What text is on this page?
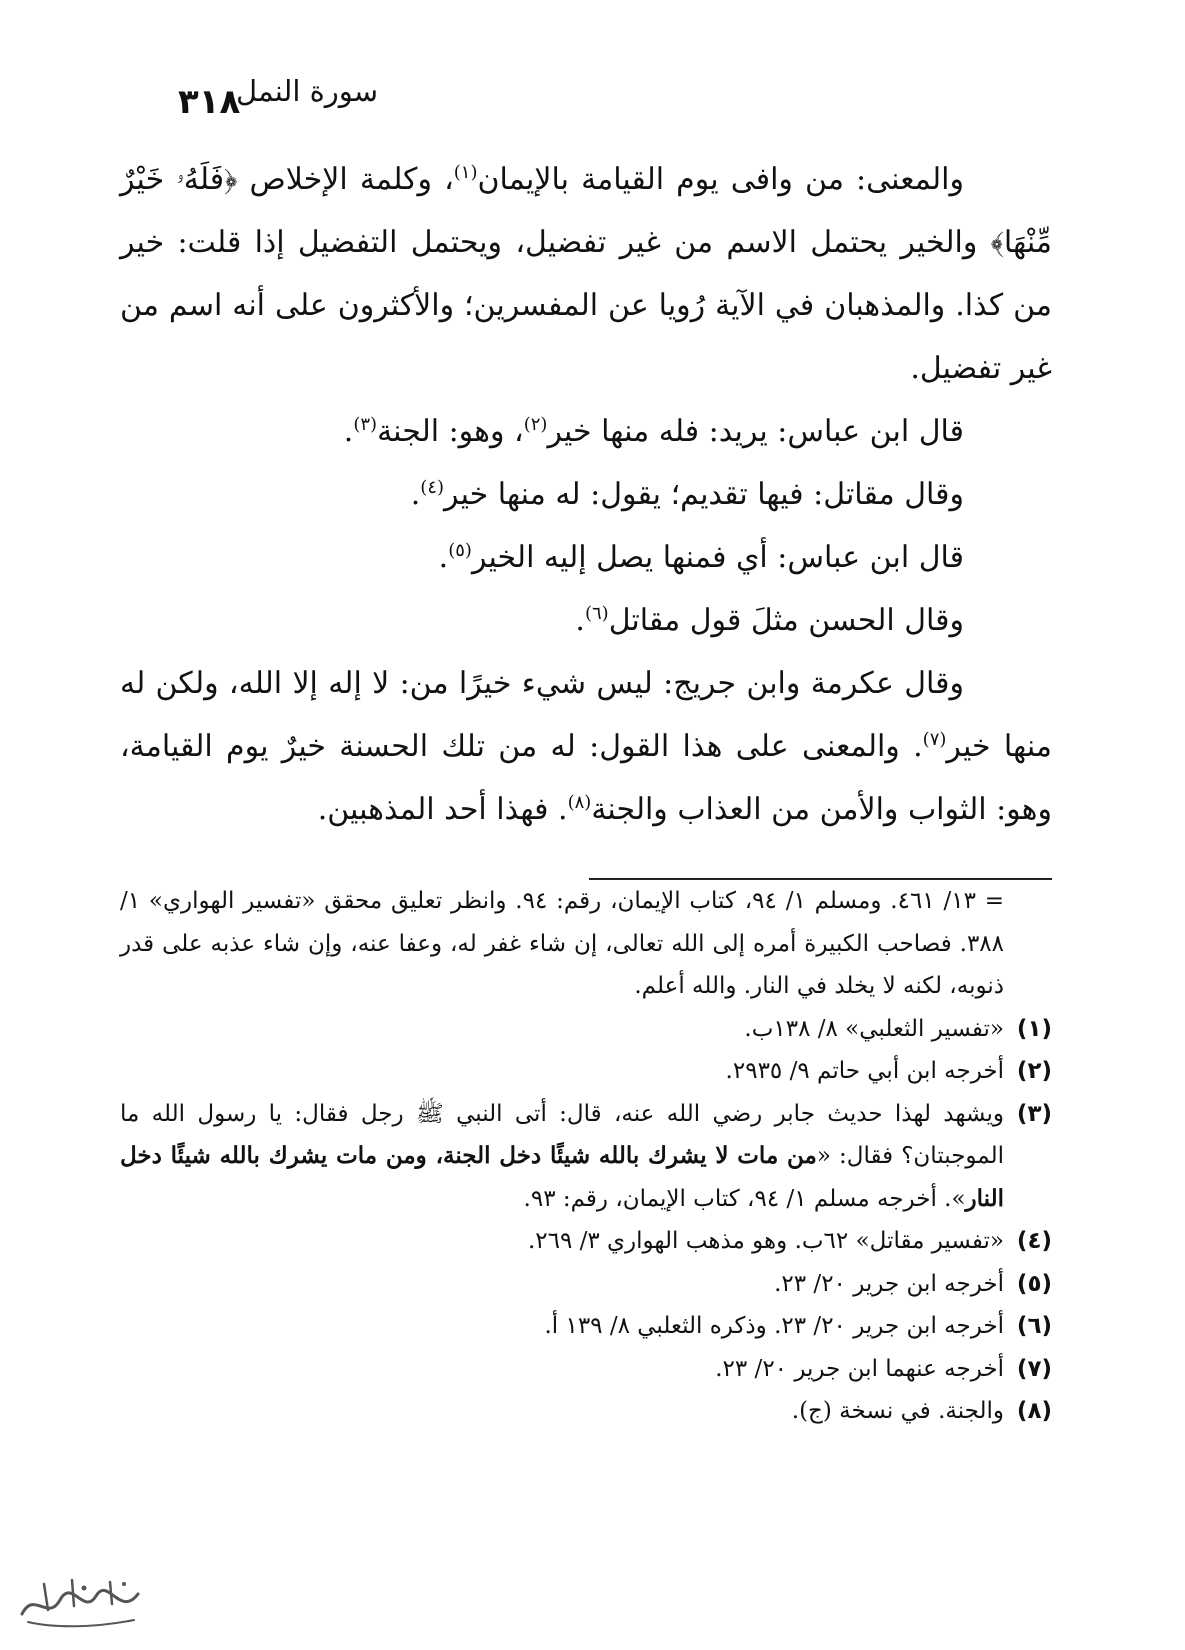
٣١٨
سورة النمل

والمعنى: من وافى يوم القيامة بالإيمان$^{(١)}$، وكلمة الإخلاص ﴿فَلَهُۥ خَيْرٌ مِّنْهَا﴾ والخير يحتمل الاسم من غير تفضيل، ويحتمل التفضيل إذا قلت: خير من كذا. والمذهبان في الآية رُويا عن المفسرين؛ والأكثرون على أنه اسم من غير تفضيل.

قال ابن عباس: يريد: فله منها خير$^{(٢)}$، وهو: الجنة$^{(٣)}$.

وقال مقاتل: فيها تقديم؛ يقول: له منها خير$^{(٤)}$.

قال ابن عباس: أي فمنها يصل إليه الخير$^{(٥)}$.

وقال الحسن مثلَ قول مقاتل$^{(٦)}$.

وقال عكرمة وابن جريج: ليس شيء خيرًا من: لا إله إلا الله، ولكن له منها خير$^{(٧)}$. والمعنى على هذا القول: له من تلك الحسنة خيرٌ يوم القيامة، وهو: الثواب والأمن من العذاب والجنة$^{(٨)}$. فهذا أحد المذهبين.

= ١٣/ ٤٦١. ومسلم ١/ ٩٤، كتاب الإيمان، رقم: ٩٤. وانظر تعليق محقق «تفسير الهواري» ١/ ٣٨٨. فصاحب الكبيرة أمره إلى الله تعالى، إن شاء غفر له، وعفا عنه، وإن شاء عذبه على قدر ذنوبه، لكنه لا يخلد في النار. والله أعلم.

(١)«تفسير الثعلبي» ٨/ ١٣٨ب.

(٢)أخرجه ابن أبي حاتم ٩/ ٢٩٣٥.

(٣)ويشهد لهذا حديث جابر رضي الله عنه، قال: أتى النبي ﷺ رجل فقال: يا رسول الله ما الموجبتان؟ فقال: «من مات لا يشرك بالله شيئًا دخل الجنة، ومن مات يشرك بالله شيئًا دخل النار». أخرجه مسلم ١/ ٩٤، كتاب الإيمان، رقم: ٩٣.

(٤)«تفسير مقاتل» ٦٢ب. وهو مذهب الهواري ٣/ ٢٦٩.

(٥)أخرجه ابن جرير ٢٠/ ٢٣.

(٦)أخرجه ابن جرير ٢٠/ ٢٣. وذكره الثعلبي ٨/ ١٣٩ أ.

(٧)أخرجه عنهما ابن جرير ٢٠/ ٢٣.

(٨)والجنة. في نسخة (ج).
